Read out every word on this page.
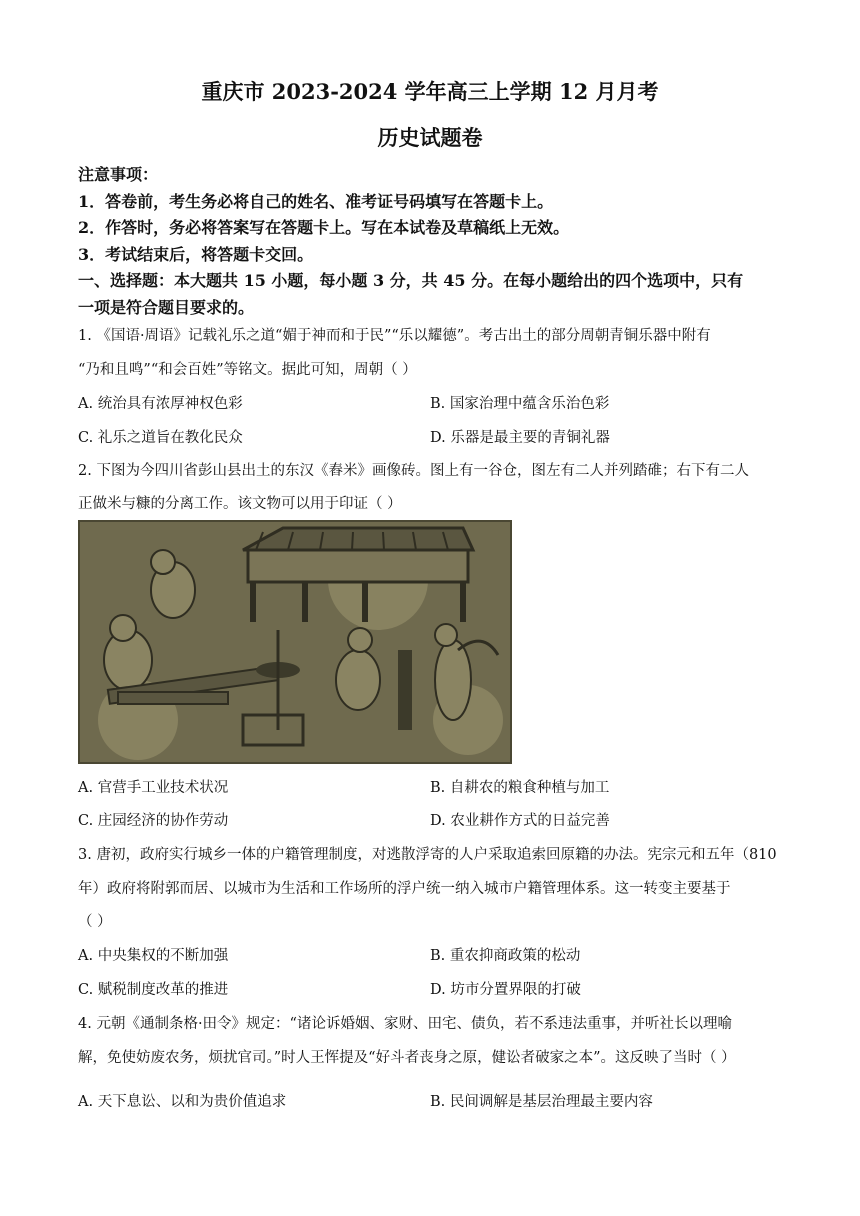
重庆市 2023-2024 学年高三上学期 12 月月考
历史试题卷
注意事项：
1．答卷前，考生务必将自己的姓名、准考证号码填写在答题卡上。
2．作答时，务必将答案写在答题卡上。写在本试卷及草稿纸上无效。
3．考试结束后，将答题卡交回。
一、选择题：本大题共 15 小题，每小题 3 分，共 45 分。在每小题给出的四个选项中，只有
一项是符合题目要求的。
1. 《国语·周语》记载礼乐之道“媚于神而和于民”“乐以耀德”。考古出土的部分周朝青铜乐器中附有
“乃和且鸣”“和会百姓”等铭文。据此可知，周朝（ ）
A. 统治具有浓厚神权色彩	B. 国家治理中蕴含乐治色彩
C. 礼乐之道旨在教化民众	D. 乐器是最主要的青铜礼器
2. 下图为今四川省彭山县出土的东汉《舂米》画像砖。图上有一谷仓，图左有二人并列踏碓；右下有二人
正做米与糠的分离工作。该文物可以用于印证（ ）
A. 官营手工业技术状况	B. 自耕农的粮食种植与加工
C. 庄园经济的协作劳动	D. 农业耕作方式的日益完善
3. 唐初，政府实行城乡一体的户籍管理制度，对逃散浮寄的人户采取追索回原籍的办法。宪宗元和五年（810
年）政府将附郭而居、以城市为生活和工作场所的浮户统一纳入城市户籍管理体系。这一转变主要基于
（ ）
A. 中央集权的不断加强	B. 重农抑商政策的松动
C. 赋税制度改革的推进	D. 坊市分置界限的打破
4. 元朝《通制条格·田令》规定：“诸论诉婚姻、家财、田宅、债负，若不系违法重事，并听社长以理喻
解，免使妨废农务，烦扰官司。”时人王恽提及“好斗者丧身之原，健讼者破家之本”。这反映了当时（ ）
A. 天下息讼、以和为贵价值追求	B. 民间调解是基层治理最主要内容
